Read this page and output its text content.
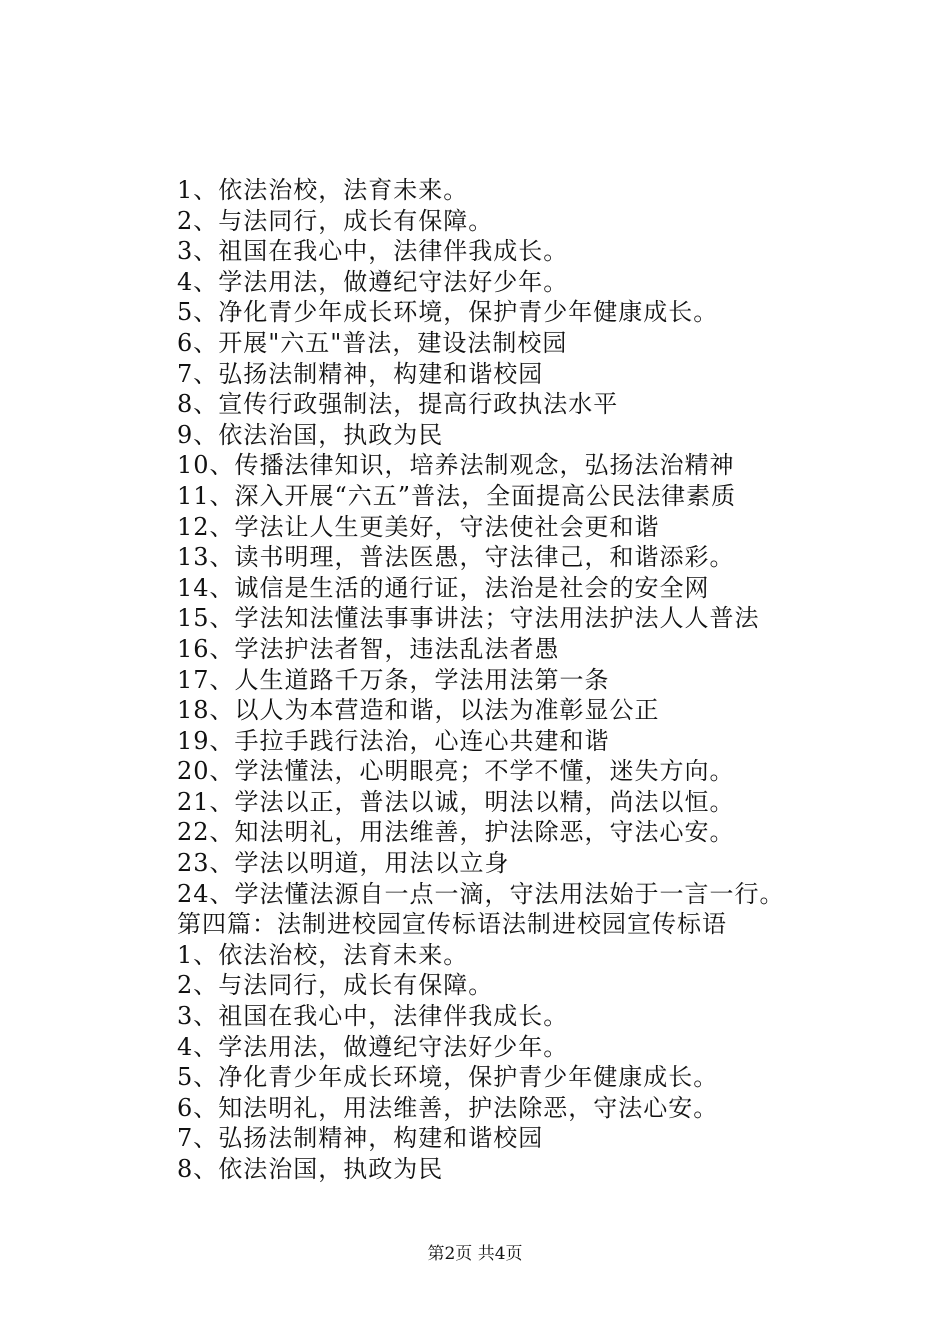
1、依法治校，法育未来。
2、与法同行，成长有保障。
3、祖国在我心中，法律伴我成长。
4、学法用法，做遵纪守法好少年。
5、净化青少年成长环境，保护青少年健康成长。
6、开展"六五"普法，建设法制校园
7、弘扬法制精神，构建和谐校园
8、宣传行政强制法，提高行政执法水平
9、依法治国，执政为民
10、传播法律知识，培养法制观念，弘扬法治精神
11、深入开展“六五”普法，全面提高公民法律素质
12、学法让人生更美好，守法使社会更和谐
13、读书明理，普法医愚，守法律己，和谐添彩。
14、诚信是生活的通行证，法治是社会的安全网
15、学法知法懂法事事讲法；守法用法护法人人普法
16、学法护法者智，违法乱法者愚
17、人生道路千万条，学法用法第一条
18、以人为本营造和谐，以法为准彰显公正
19、手拉手践行法治，心连心共建和谐
20、学法懂法，心明眼亮；不学不懂，迷失方向。
21、学法以正，普法以诚，明法以精，尚法以恒。
22、知法明礼，用法维善，护法除恶，守法心安。
23、学法以明道，用法以立身
24、学法懂法源自一点一滴，守法用法始于一言一行。
第四篇：法制进校园宣传标语法制进校园宣传标语
1、依法治校，法育未来。
2、与法同行，成长有保障。
3、祖国在我心中，法律伴我成长。
4、学法用法，做遵纪守法好少年。
5、净化青少年成长环境，保护青少年健康成长。
6、知法明礼，用法维善，护法除恶，守法心安。
7、弘扬法制精神，构建和谐校园
8、依法治国，执政为民
第2页 共4页
